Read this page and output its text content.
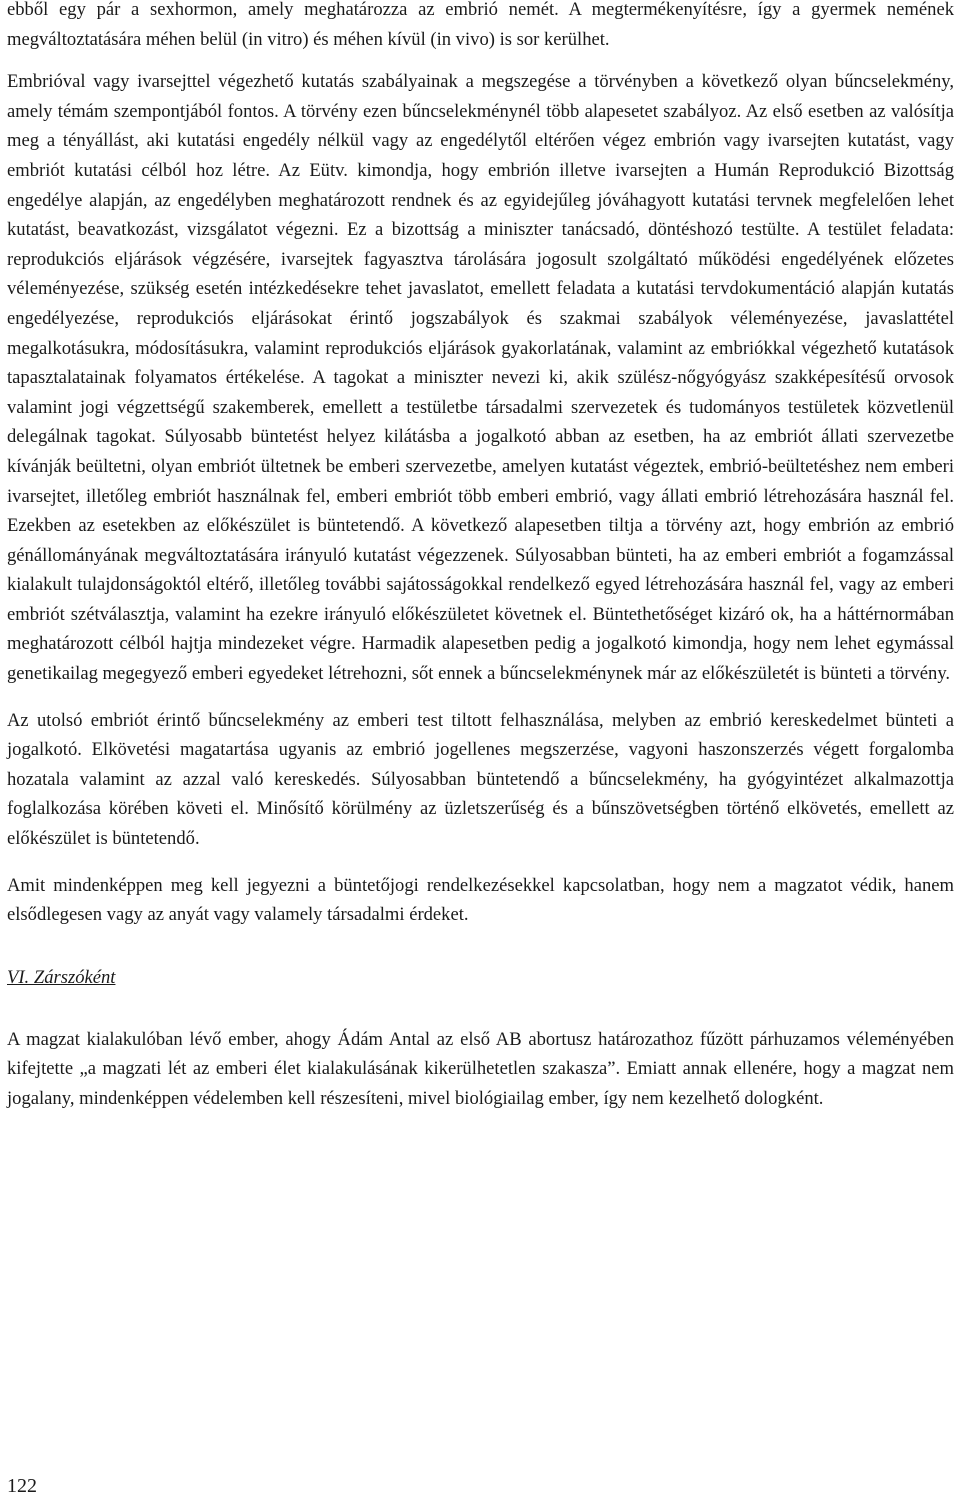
ebből egy pár a sexhormon, amely meghatározza az embrió nemét. A megtermékenyítésre, így a gyermek nemének megváltoztatására méhen belül (in vitro) és méhen kívül (in vivo) is sor kerülhet.

Embrióval vagy ivarsejttel végezhető kutatás szabályainak a megszegése a törvényben a következő olyan bűncselekmény, amely témám szempontjából fontos. A törvény ezen bűncselekménynél több alapesetet szabályoz. Az első esetben az valósítja meg a tényállást, aki kutatási engedély nélkül vagy az engedélytől eltérően végez embrión vagy ivarsejten kutatást, vagy embriót kutatási célból hoz létre. Az Eütv. kimondja, hogy embrión illetve ivarsejten a Humán Reprodukció Bizottság engedélye alapján, az engedélyben meghatározott rendnek és az egyidejűleg jóváhagyott kutatási tervnek megfelelően lehet kutatást, beavatkozást, vizsgálatot végezni. Ez a bizottság a miniszter tanácsadó, döntéshozó testülte. A testület feladata: reprodukciós eljárások végzésére, ivarsejtek fagyasztva tárolására jogosult szolgáltató működési engedélyének előzetes véleményezése, szükség esetén intézkedésekre tehet javaslatot, emellett feladata a kutatási tervdokumentáció alapján kutatás engedélyezése, reprodukciós eljárásokat érintő jogszabályok és szakmai szabályok véleményezése, javaslattétel megalkotásukra, módosításukra, valamint reprodukciós eljárások gyakorlatának, valamint az embriókkal végezhető kutatások tapasztalatainak folyamatos értékelése. A tagokat a miniszter nevezi ki, akik szülész-nőgyógyász szakképesítésű orvosok valamint jogi végzettségű szakemberek, emellett a testületbe társadalmi szervezetek és tudományos testületek közvetlenül delegálnak tagokat. Súlyosabb büntetést helyez kilátásba a jogalkotó abban az esetben, ha az embriót állati szervezetbe kívánják beültetni, olyan embriót ültetnek be emberi szervezetbe, amelyen kutatást végeztek, embrió-beültetéshez nem emberi ivarsejtet, illetőleg embriót használnak fel, emberi embriót több emberi embrió, vagy állati embrió létrehozására használ fel. Ezekben az esetekben az előkészület is büntetendő. A következő alapesetben tiltja a törvény azt, hogy embrión az embrió génállományának megváltoztatására irányuló kutatást végezzenek. Súlyosabban bünteti, ha az emberi embriót a fogamzással kialakult tulajdonságoktól eltérő, illetőleg további sajátosságokkal rendelkező egyed létrehozására használ fel, vagy az emberi embriót szétválasztja, valamint ha ezekre irányuló előkészületet követnek el. Büntethetőséget kizáró ok, ha a háttérnormában meghatározott célból hajtja mindezeket végre. Harmadik alapesetben pedig a jogalkotó kimondja, hogy nem lehet egymással genetikailag megegyező emberi egyedeket létrehozni, sőt ennek a bűncselekménynek már az előkészületét is bünteti a törvény.

Az utolsó embriót érintő bűncselekmény az emberi test tiltott felhasználása, melyben az embrió kereskedelmet bünteti a jogalkotó. Elkövetési magatartása ugyanis az embrió jogellenes megszerzése, vagyoni haszonszerzés végett forgalomba hozatala valamint az azzal való kereskedés. Súlyosabban büntetendő a bűncselekmény, ha gyógyintézet alkalmazottja foglalkozása körében követi el. Minősítő körülmény az üzletszerűség és a bűnszövetségben történő elkövetés, emellett az előkészület is büntetendő.

Amit mindenképpen meg kell jegyezni a büntetőjogi rendelkezésekkel kapcsolatban, hogy nem a magzatot védik, hanem elsődlegesen vagy az anyát vagy valamely társadalmi érdeket.

VI. Zárszóként

A magzat kialakulóban lévő ember, ahogy Ádám Antal az első AB abortusz határozathoz fűzött párhuzamos véleményében kifejtette „a magzati lét az emberi élet kialakulásának kikerülhetetlen szakasza”. Emiatt annak ellenére, hogy a magzat nem jogalany, mindenképpen védelemben kell részesíteni, mivel biológiailag ember, így nem kezelhető dologként.

122
